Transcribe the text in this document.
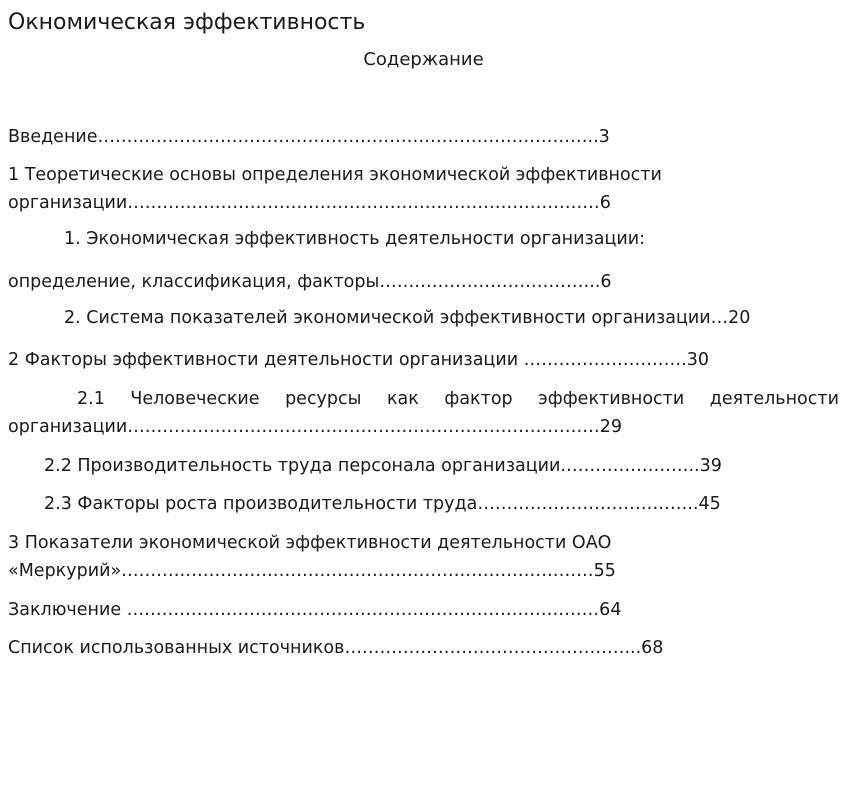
Окномическая эффективность
Содержание
Введение…………………………………………………………………………..3
1 Теоретические основы определения экономической эффективности
организации………………………………………………………………………6
1. Экономическая эффективность деятельности организации:
определение, классификация, факторы………………………………..6
2. Система показателей экономической эффективности организации…20
2 Факторы эффективности деятельности организации ……………………….30
2.1 Человеческие ресурсы как фактор эффективности деятельности
организации………………………………………………………………………29
2.2 Производительность труда персонала организации.…………………..39
2.3 Факторы роста производительности труда………………………………..45
3 Показатели экономической эффективности деятельности ОАО
«Меркурий»………………………………………………………………………55
Заключение ………………………………………………………………………64
Список использованных источников…………………………………………...68
